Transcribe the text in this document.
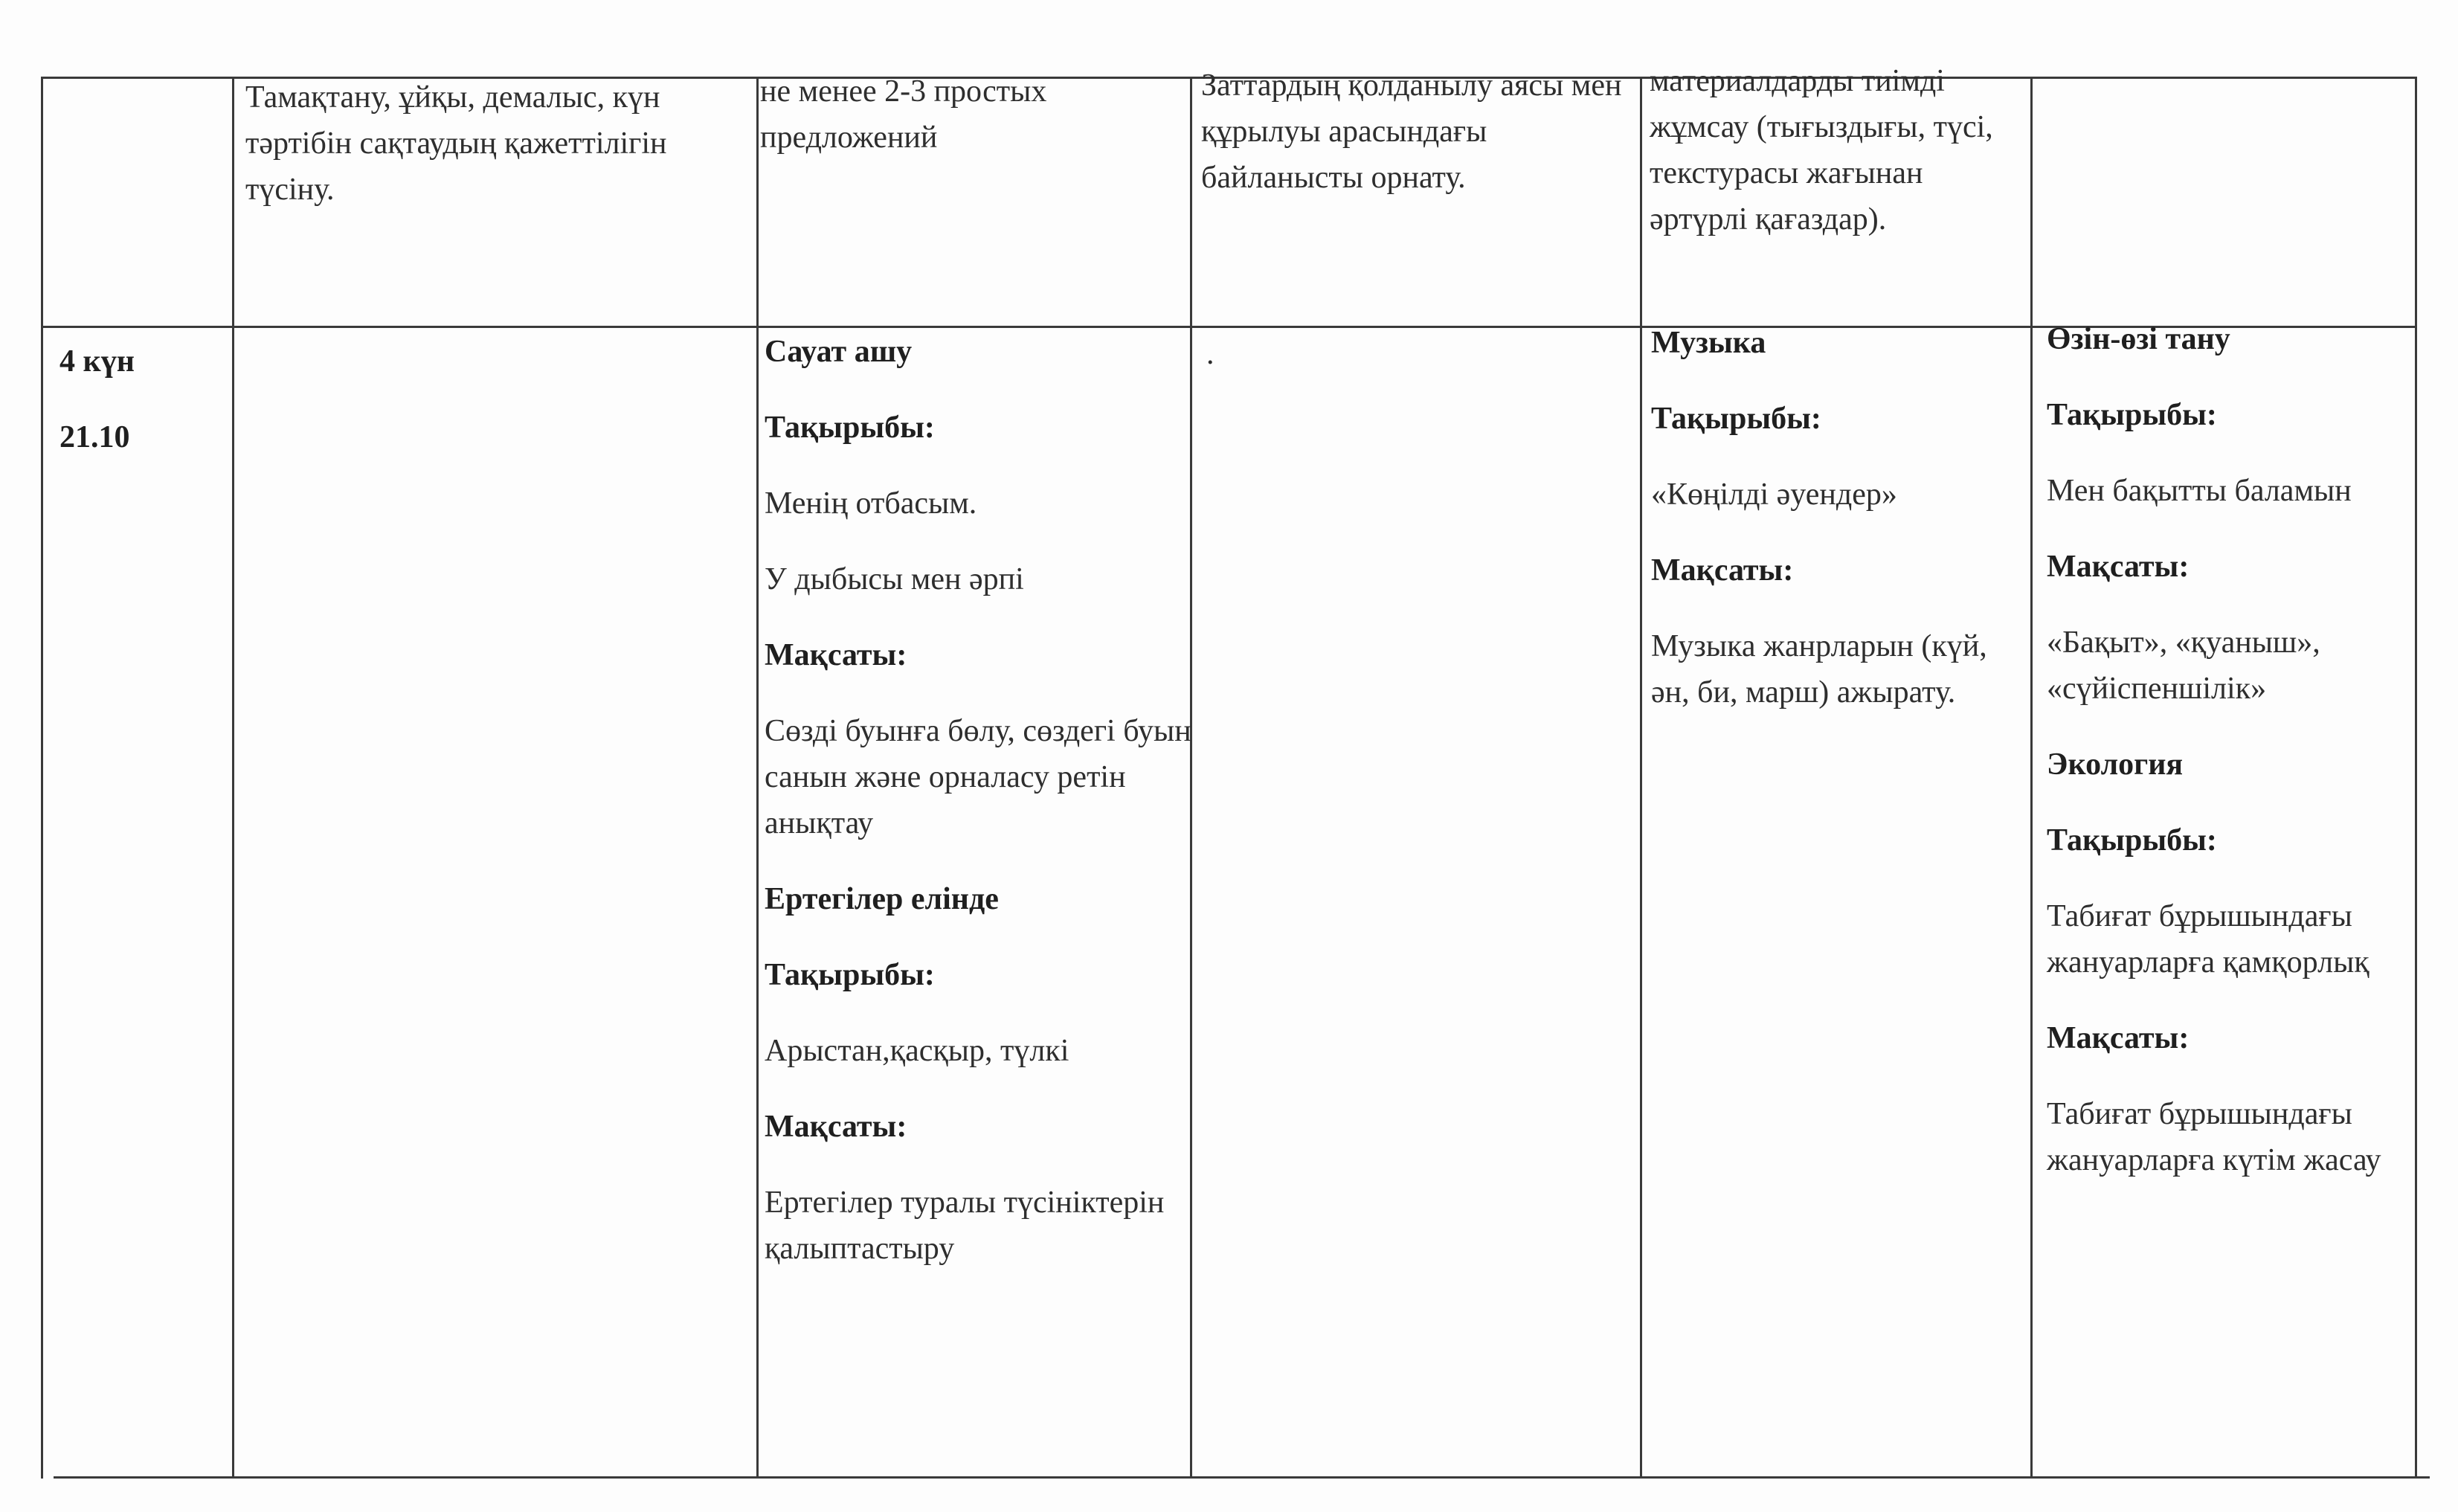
Тамақтану, ұйқы, демалыс, күн тәртібін сақтаудың қажеттілігін түсіну.

не менее 2-3 простых предложений

Заттардың қолданылу аясы мен құрылуы арасындағы байланысты орнату.

материалдарды тиімді жұмсау (тығыздығы, түсі, текстурасы жағынан әртүрлі қағаздар).

4 күн

21.10

Сауат ашу

Тақырыбы:

Менің отбасым.

У дыбысы мен әрпі

Мақсаты:

Сөзді буынға бөлу, сөздегі буын санын және орналасу ретін анықтау

Ертегілер елінде

Тақырыбы:

Арыстан,қасқыр, түлкі

Мақсаты:

Ертегілер туралы түсініктерін қалыптастыру

.	Музыка

Тақырыбы:

«Көңілді әуендер»

Мақсаты:

Музыка жанрларын (күй, ән, би, марш) ажырату.

Өзін-өзі тану

Тақырыбы:

Мен бақытты баламын

Мақсаты:

«Бақыт», «қуаныш», «сүйіспеншілік»

Экология

Тақырыбы:

Табиғат бұрышындағы жануарларға қамқорлық

Мақсаты:

Табиғат бұрышындағы жануарларға күтім жасау
